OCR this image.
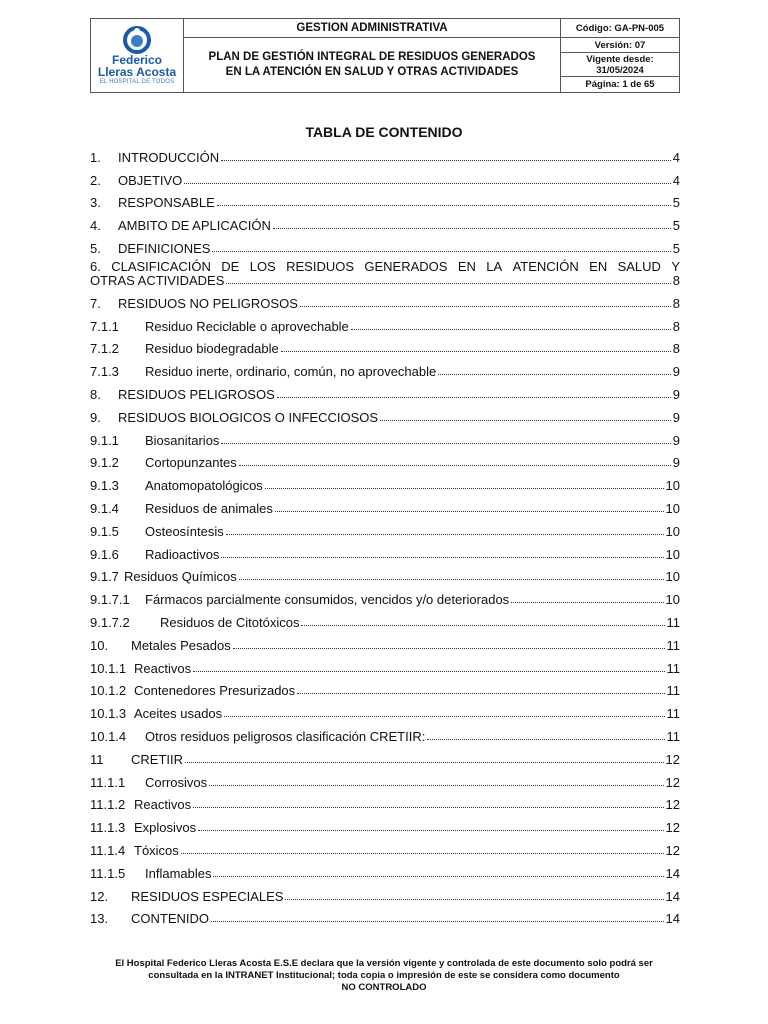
Federico
Lleras Acosta
EL HOSPITAL DE TODOS	GESTION ADMINISTRATIVA	Código: GA-PN-005

	PLAN DE GESTIÓN INTEGRAL DE RESIDUOS GENERADOS
EN LA ATENCIÓN EN SALUD Y OTRAS ACTIVIDADES	Versión: 07

		Vigente desde:
31/05/2024

		Página: 1 de 65
TABLA DE CONTENIDO
1.	INTRODUCCIÓN	4
2.	OBJETIVO	4
3.	RESPONSABLE	5
4.	AMBITO DE APLICACIÓN	5
5.	DEFINICIONES	5
6. CLASIFICACIÓN DE LOS RESIDUOS GENERADOS EN LA ATENCIÓN EN SALUD Y
OTRAS ACTIVIDADES	8
7.	RESIDUOS NO PELIGROSOS	8
7.1.1	Residuo Reciclable o aprovechable	8
7.1.2	Residuo biodegradable	8
7.1.3	Residuo inerte, ordinario, común, no aprovechable	9
8.	RESIDUOS PELIGROSOS	9
9.	RESIDUOS BIOLOGICOS O INFECCIOSOS	9
9.1.1	Biosanitarios	9
9.1.2	Cortopunzantes	9
9.1.3	Anatomopatológicos	10
9.1.4	Residuos de animales	10
9.1.5	Osteosíntesis	10
9.1.6	Radioactivos	10
9.1.7 Residuos Químicos	10
9.1.7.1	Fármacos parcialmente consumidos, vencidos y/o deteriorados	10
9.1.7.2	Residuos de Citotóxicos	11
10.	Metales Pesados	11
10.1.1 Reactivos	11
10.1.2 Contenedores Presurizados	11
10.1.3 Aceites usados	11
10.1.4	Otros residuos peligrosos clasificación CRETIIR:	11
11	CRETIIR	12
11.1.1	Corrosivos	12
11.1.2 Reactivos	12
11.1.3 Explosivos	12
11.1.4 Tóxicos	12
11.1.5	Inflamables	14
12.	RESIDUOS ESPECIALES	14
13.	CONTENIDO	14
El Hospital Federico Lleras Acosta E.S.E declara que la versión vigente y controlada de este documento solo podrá ser
consultada en la INTRANET Institucional; toda copia o impresión de este se considera como documento
NO CONTROLADO
